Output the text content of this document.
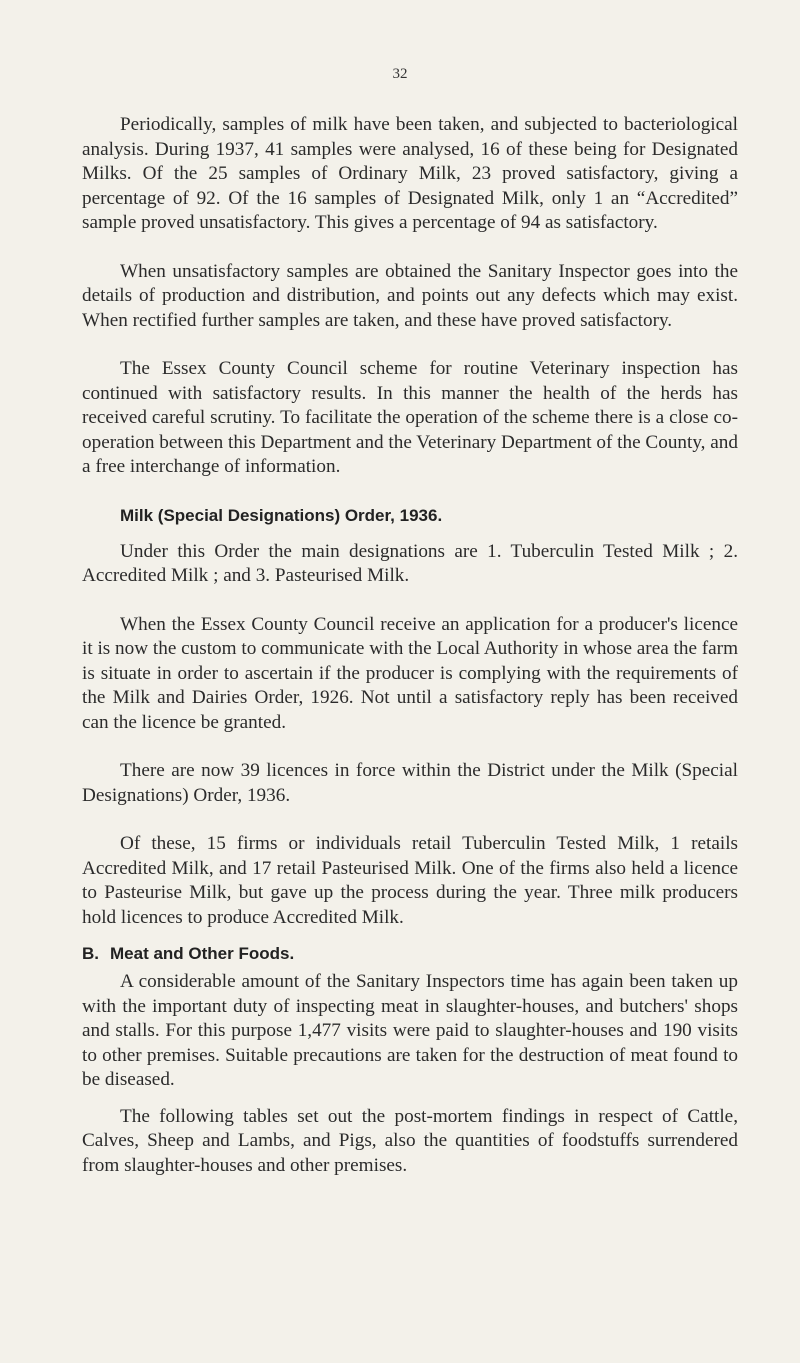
32

Periodically, samples of milk have been taken, and subjected to bacteriological analysis. During 1937, 41 samples were analysed, 16 of these being for Designated Milks. Of the 25 samples of Ordinary Milk, 23 proved satisfactory, giving a percentage of 92. Of the 16 samples of Designated Milk, only 1 an “Accredited” sample proved unsatisfactory. This gives a percentage of 94 as satisfactory.

When unsatisfactory samples are obtained the Sanitary Inspector goes into the details of production and distribution, and points out any defects which may exist. When rectified further samples are taken, and these have proved satisfactory.

The Essex County Council scheme for routine Veterinary inspection has continued with satisfactory results. In this manner the health of the herds has received careful scrutiny. To facilitate the operation of the scheme there is a close co-operation between this Department and the Veterinary Department of the County, and a free interchange of information.

Milk (Special Designations) Order, 1936.

Under this Order the main designations are 1. Tuberculin Tested Milk ; 2. Accredited Milk ; and 3. Pasteurised Milk.

When the Essex County Council receive an application for a producer's licence it is now the custom to communicate with the Local Authority in whose area the farm is situate in order to ascertain if the producer is complying with the requirements of the Milk and Dairies Order, 1926. Not until a satisfactory reply has been received can the licence be granted.

There are now 39 licences in force within the District under the Milk (Special Designations) Order, 1936.

Of these, 15 firms or individuals retail Tuberculin Tested Milk, 1 retails Accredited Milk, and 17 retail Pasteurised Milk. One of the firms also held a licence to Pasteurise Milk, but gave up the process during the year. Three milk producers hold licences to produce Accredited Milk.

B. Meat and Other Foods.

A considerable amount of the Sanitary Inspectors time has again been taken up with the important duty of inspecting meat in slaughter-houses, and butchers' shops and stalls. For this purpose 1,477 visits were paid to slaughter-houses and 190 visits to other premises. Suitable precautions are taken for the destruction of meat found to be diseased.

The following tables set out the post-mortem findings in respect of Cattle, Calves, Sheep and Lambs, and Pigs, also the quantities of foodstuffs surrendered from slaughter-houses and other premises.
